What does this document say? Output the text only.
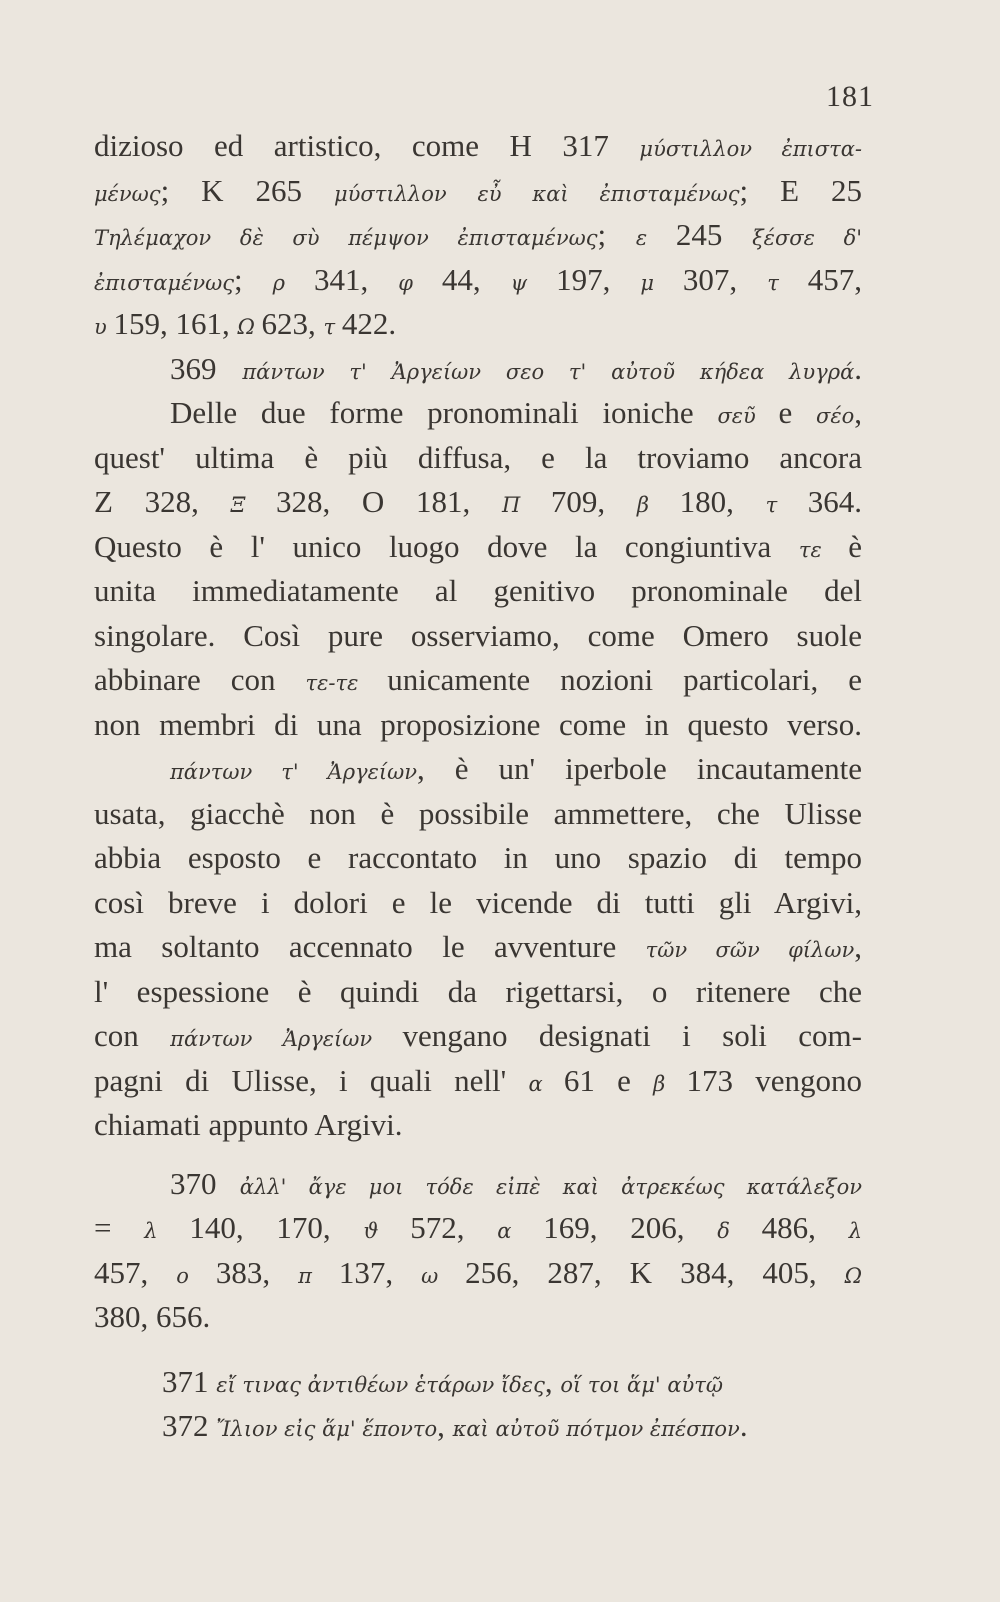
181
dizioso ed artistico, come H 317 μύστιλλον ἐπιστα-
μένως; K 265 μύστιλλον εὖ καὶ ἐπισταμένως; E 25
Τηλέμαχον δὲ σὺ πέμψον ἐπισταμένως; ε 245 ξέσσε δ'
ἐπισταμένως; ρ 341, φ 44, ψ 197, μ 307, τ 457,
υ 159, 161, Ω 623, τ 422.
369 πάντων τ' Ἀργείων σεο τ' αὐτοῦ κήδεα λυγρά.
Delle due forme pronominali ioniche σεῦ e σέο,
quest' ultima è più diffusa, e la troviamo ancora
Z 328, Ξ 328, O 181, Π 709, β 180, τ 364.
Questo è l' unico luogo dove la congiuntiva τε è
unita immediatamente al genitivo pronominale del
singolare. Così pure osserviamo, come Omero suole
abbinare con τε-τε unicamente nozioni particolari, e
non membri di una proposizione come in questo verso.
πάντων τ' Ἀργείων, è un' iperbole incautamente
usata, giacchè non è possibile ammettere, che Ulisse
abbia esposto e raccontato in uno spazio di tempo
così breve i dolori e le vicende di tutti gli Argivi,
ma soltanto accennato le avventure τῶν σῶν φίλων,
l' espessione è quindi da rigettarsi, o ritenere che
con πάντων Ἀργείων vengano designati i soli com-
pagni di Ulisse, i quali nell' α 61 e β 173 vengono
chiamati appunto Argivi.
370 ἀλλ' ἄγε μοι τόδε εἰπὲ καὶ ἀτρεκέως κατάλεξον
= λ 140, 170, ϑ 572, α 169, 206, δ 486, λ
457, ο 383, π 137, ω 256, 287, K 384, 405, Ω
380, 656.
371 εἴ τινας ἀντιθέων ἑτάρων ἴδες, οἵ τοι ἅμ' αὐτῷ
372 Ἴλιον εἰς ἅμ' ἕποντο, καὶ αὐτοῦ πότμον ἐπέσπον.
